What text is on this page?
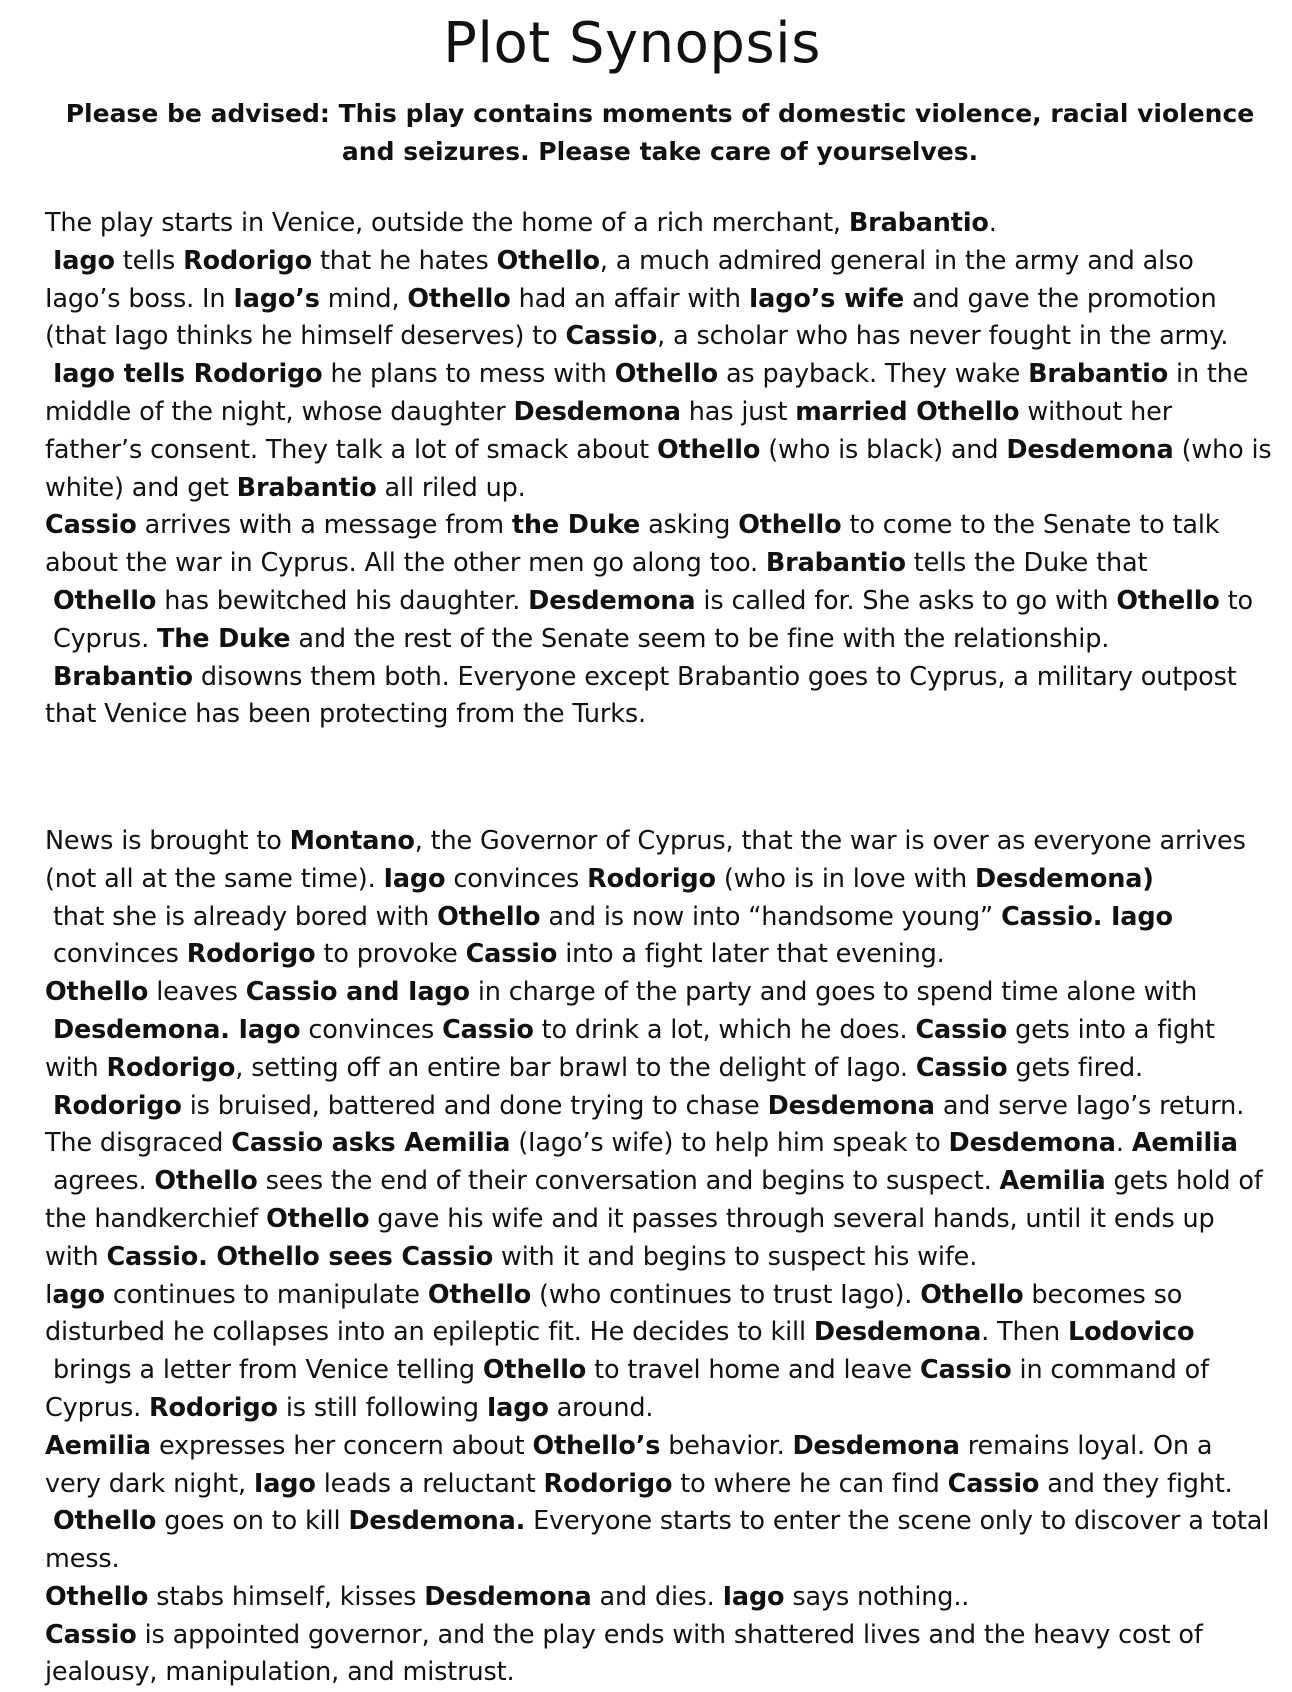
Plot Synopsis

Please be advised: This play contains moments of domestic violence, racial violence and seizures. Please take care of yourselves.

The play starts in Venice, outside the home of a rich merchant, Brabantio.
Iago tells Rodorigo that he hates Othello, a much admired general in the army and also Iago’s boss. In Iago’s mind, Othello had an affair with Iago’s wife and gave the promotion (that Iago thinks he himself deserves) to Cassio, a scholar who has never fought in the army.
Iago tells Rodorigo he plans to mess with Othello as payback. They wake Brabantio in the middle of the night, whose daughter Desdemona has just married Othello without her father’s consent. They talk a lot of smack about Othello (who is black) and Desdemona (who is white) and get Brabantio all riled up.

Cassio arrives with a message from the Duke asking Othello to come to the Senate to talk about the war in Cyprus. All the other men go along too. Brabantio tells the Duke that
Othello has bewitched his daughter. Desdemona is called for. She asks to go with Othello to
Cyprus. The Duke and the rest of the Senate seem to be fine with the relationship.
Brabantio disowns them both. Everyone except Brabantio goes to Cyprus, a military outpost that Venice has been protecting from the Turks.

News is brought to Montano, the Governor of Cyprus, that the war is over as everyone arrives (not all at the same time). Iago convinces Rodorigo (who is in love with Desdemona)
that she is already bored with Othello and is now into “handsome young” Cassio. Iago
convinces Rodorigo to provoke Cassio into a fight later that evening.

Othello leaves Cassio and Iago in charge of the party and goes to spend time alone with
Desdemona. Iago convinces Cassio to drink a lot, which he does. Cassio gets into a fight with Rodorigo, setting off an entire bar brawl to the delight of Iago. Cassio gets fired.
Rodorigo is bruised, battered and done trying to chase Desdemona and serve Iago’s return. The disgraced Cassio asks Aemilia (Iago’s wife) to help him speak to Desdemona. Aemilia
agrees. Othello sees the end of their conversation and begins to suspect. Aemilia gets hold of the handkerchief Othello gave his wife and it passes through several hands, until it ends up with Cassio. Othello sees Cassio with it and begins to suspect his wife.

Iago continues to manipulate Othello (who continues to trust Iago). Othello becomes so disturbed he collapses into an epileptic fit. He decides to kill Desdemona. Then Lodovico
brings a letter from Venice telling Othello to travel home and leave Cassio in command of Cyprus. Rodorigo is still following Iago around.

Aemilia expresses her concern about Othello’s behavior. Desdemona remains loyal. On a very dark night, Iago leads a reluctant Rodorigo to where he can find Cassio and they fight.
Othello goes on to kill Desdemona. Everyone starts to enter the scene only to discover a total mess.

Othello stabs himself, kisses Desdemona and dies. Iago says nothing..

Cassio is appointed governor, and the play ends with shattered lives and the heavy cost of jealousy, manipulation, and mistrust.
